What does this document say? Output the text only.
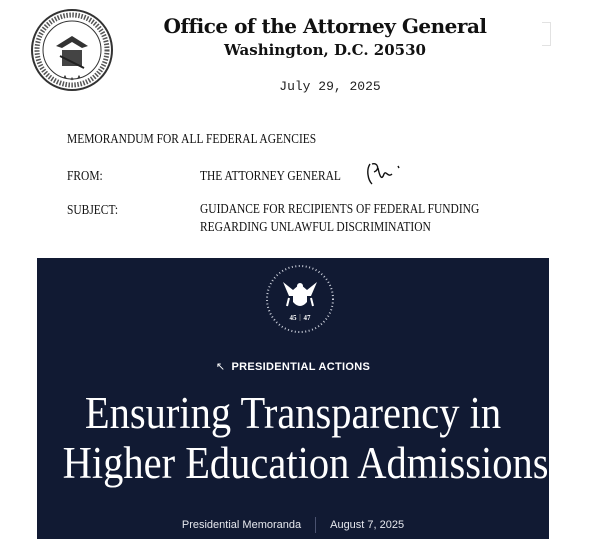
Office of the Attorney General
Washington, D.C. 20530
July 29, 2025
MEMORANDUM FOR ALL FEDERAL AGENCIES
FROM:	THE ATTORNEY GENERAL
SUBJECT:	GUIDANCE FOR RECIPIENTS OF FEDERAL FUNDING
REGARDING UNLAWFUL DISCRIMINATION
45 47
↖ PRESIDENTIAL ACTIONS
Ensuring Transparency in
Higher Education Admissions
Presidential Memoranda	August 7, 2025
